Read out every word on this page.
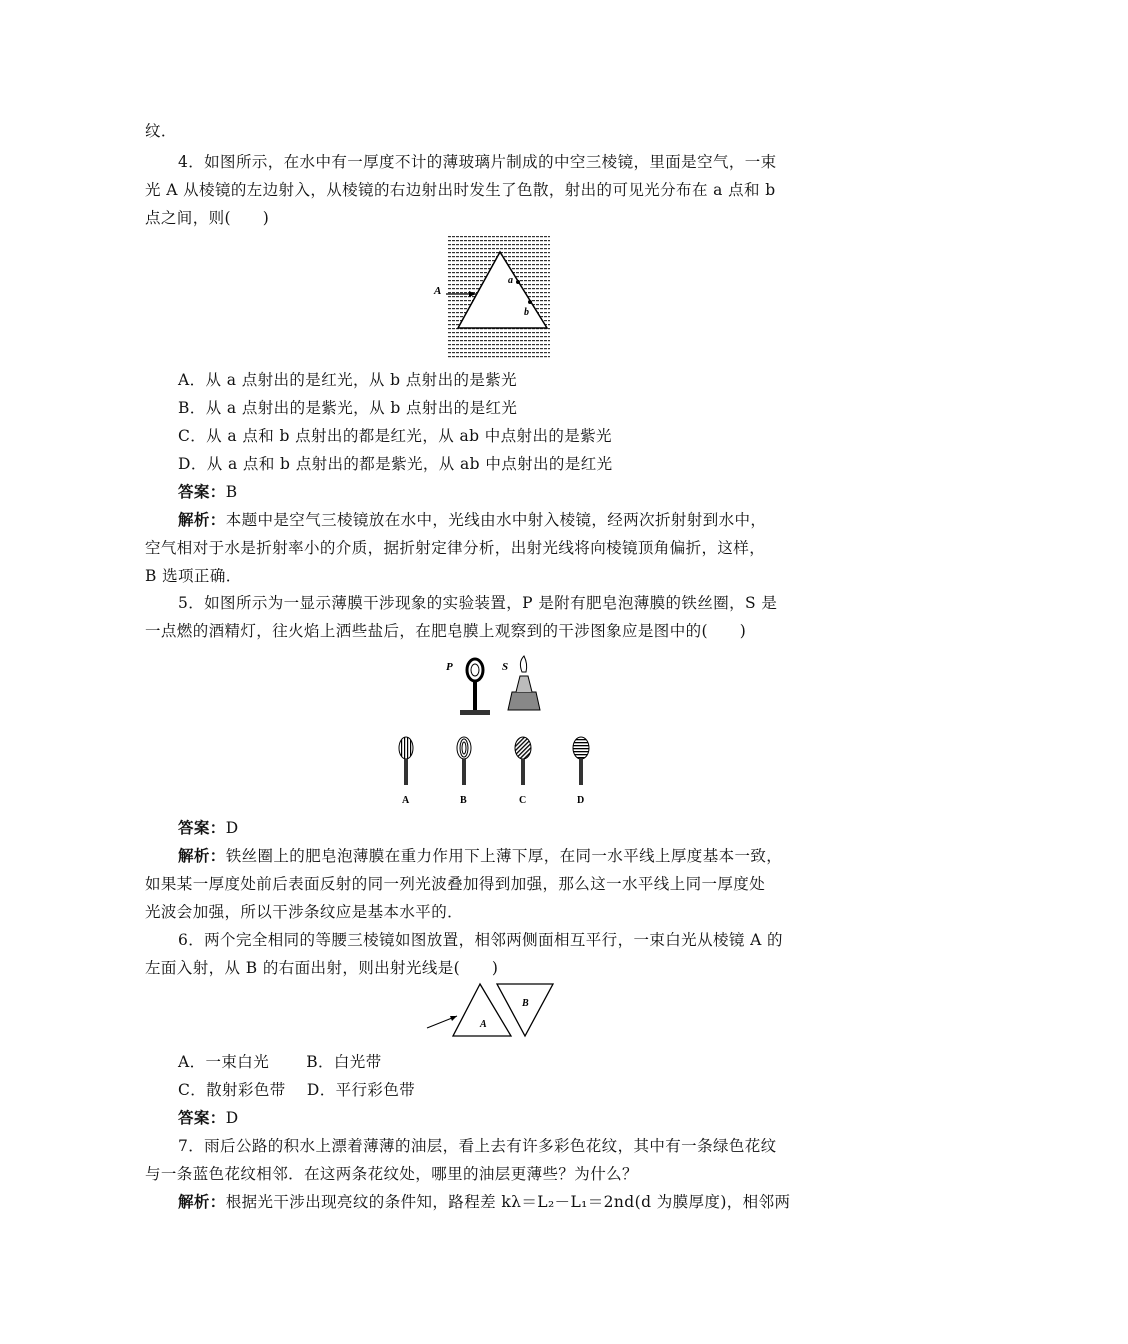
纹．
4．如图所示，在水中有一厚度不计的薄玻璃片制成的中空三棱镜，里面是空气，一束
光 A 从棱镜的左边射入，从棱镜的右边射出时发生了色散，射出的可见光分布在 a 点和 b
点之间，则(　　)
A
a
b
A．从 a 点射出的是红光，从 b 点射出的是紫光
B．从 a 点射出的是紫光，从 b 点射出的是红光
C．从 a 点和 b 点射出的都是红光，从 ab 中点射出的是紫光
D．从 a 点和 b 点射出的都是紫光，从 ab 中点射出的是红光
答案：B
解析：本题中是空气三棱镜放在水中，光线由水中射入棱镜，经两次折射射到水中，
空气相对于水是折射率小的介质，据折射定律分析，出射光线将向棱镜顶角偏折，这样，
B 选项正确．
5．如图所示为一显示薄膜干涉现象的实验装置，P 是附有肥皂泡薄膜的铁丝圈，S 是
一点燃的酒精灯，往火焰上洒些盐后，在肥皂膜上观察到的干涉图象应是图中的(　　)
P	S
A	B	C	D
答案：D
解析：铁丝圈上的肥皂泡薄膜在重力作用下上薄下厚，在同一水平线上厚度基本一致，
如果某一厚度处前后表面反射的同一列光波叠加得到加强，那么这一水平线上同一厚度处
光波会加强，所以干涉条纹应是基本水平的．
6．两个完全相同的等腰三棱镜如图放置，相邻两侧面相互平行，一束白光从棱镜 A 的
左面入射，从 B 的右面出射，则出射光线是(　　)
A
B
A．一束白光　　 B．白光带
C．散射彩色带　 D．平行彩色带
答案：D
7．雨后公路的积水上漂着薄薄的油层，看上去有许多彩色花纹，其中有一条绿色花纹
与一条蓝色花纹相邻．在这两条花纹处，哪里的油层更薄些？为什么？
解析：根据光干涉出现亮纹的条件知，路程差 kλ＝L₂－L₁＝2nd(d 为膜厚度)，相邻两
